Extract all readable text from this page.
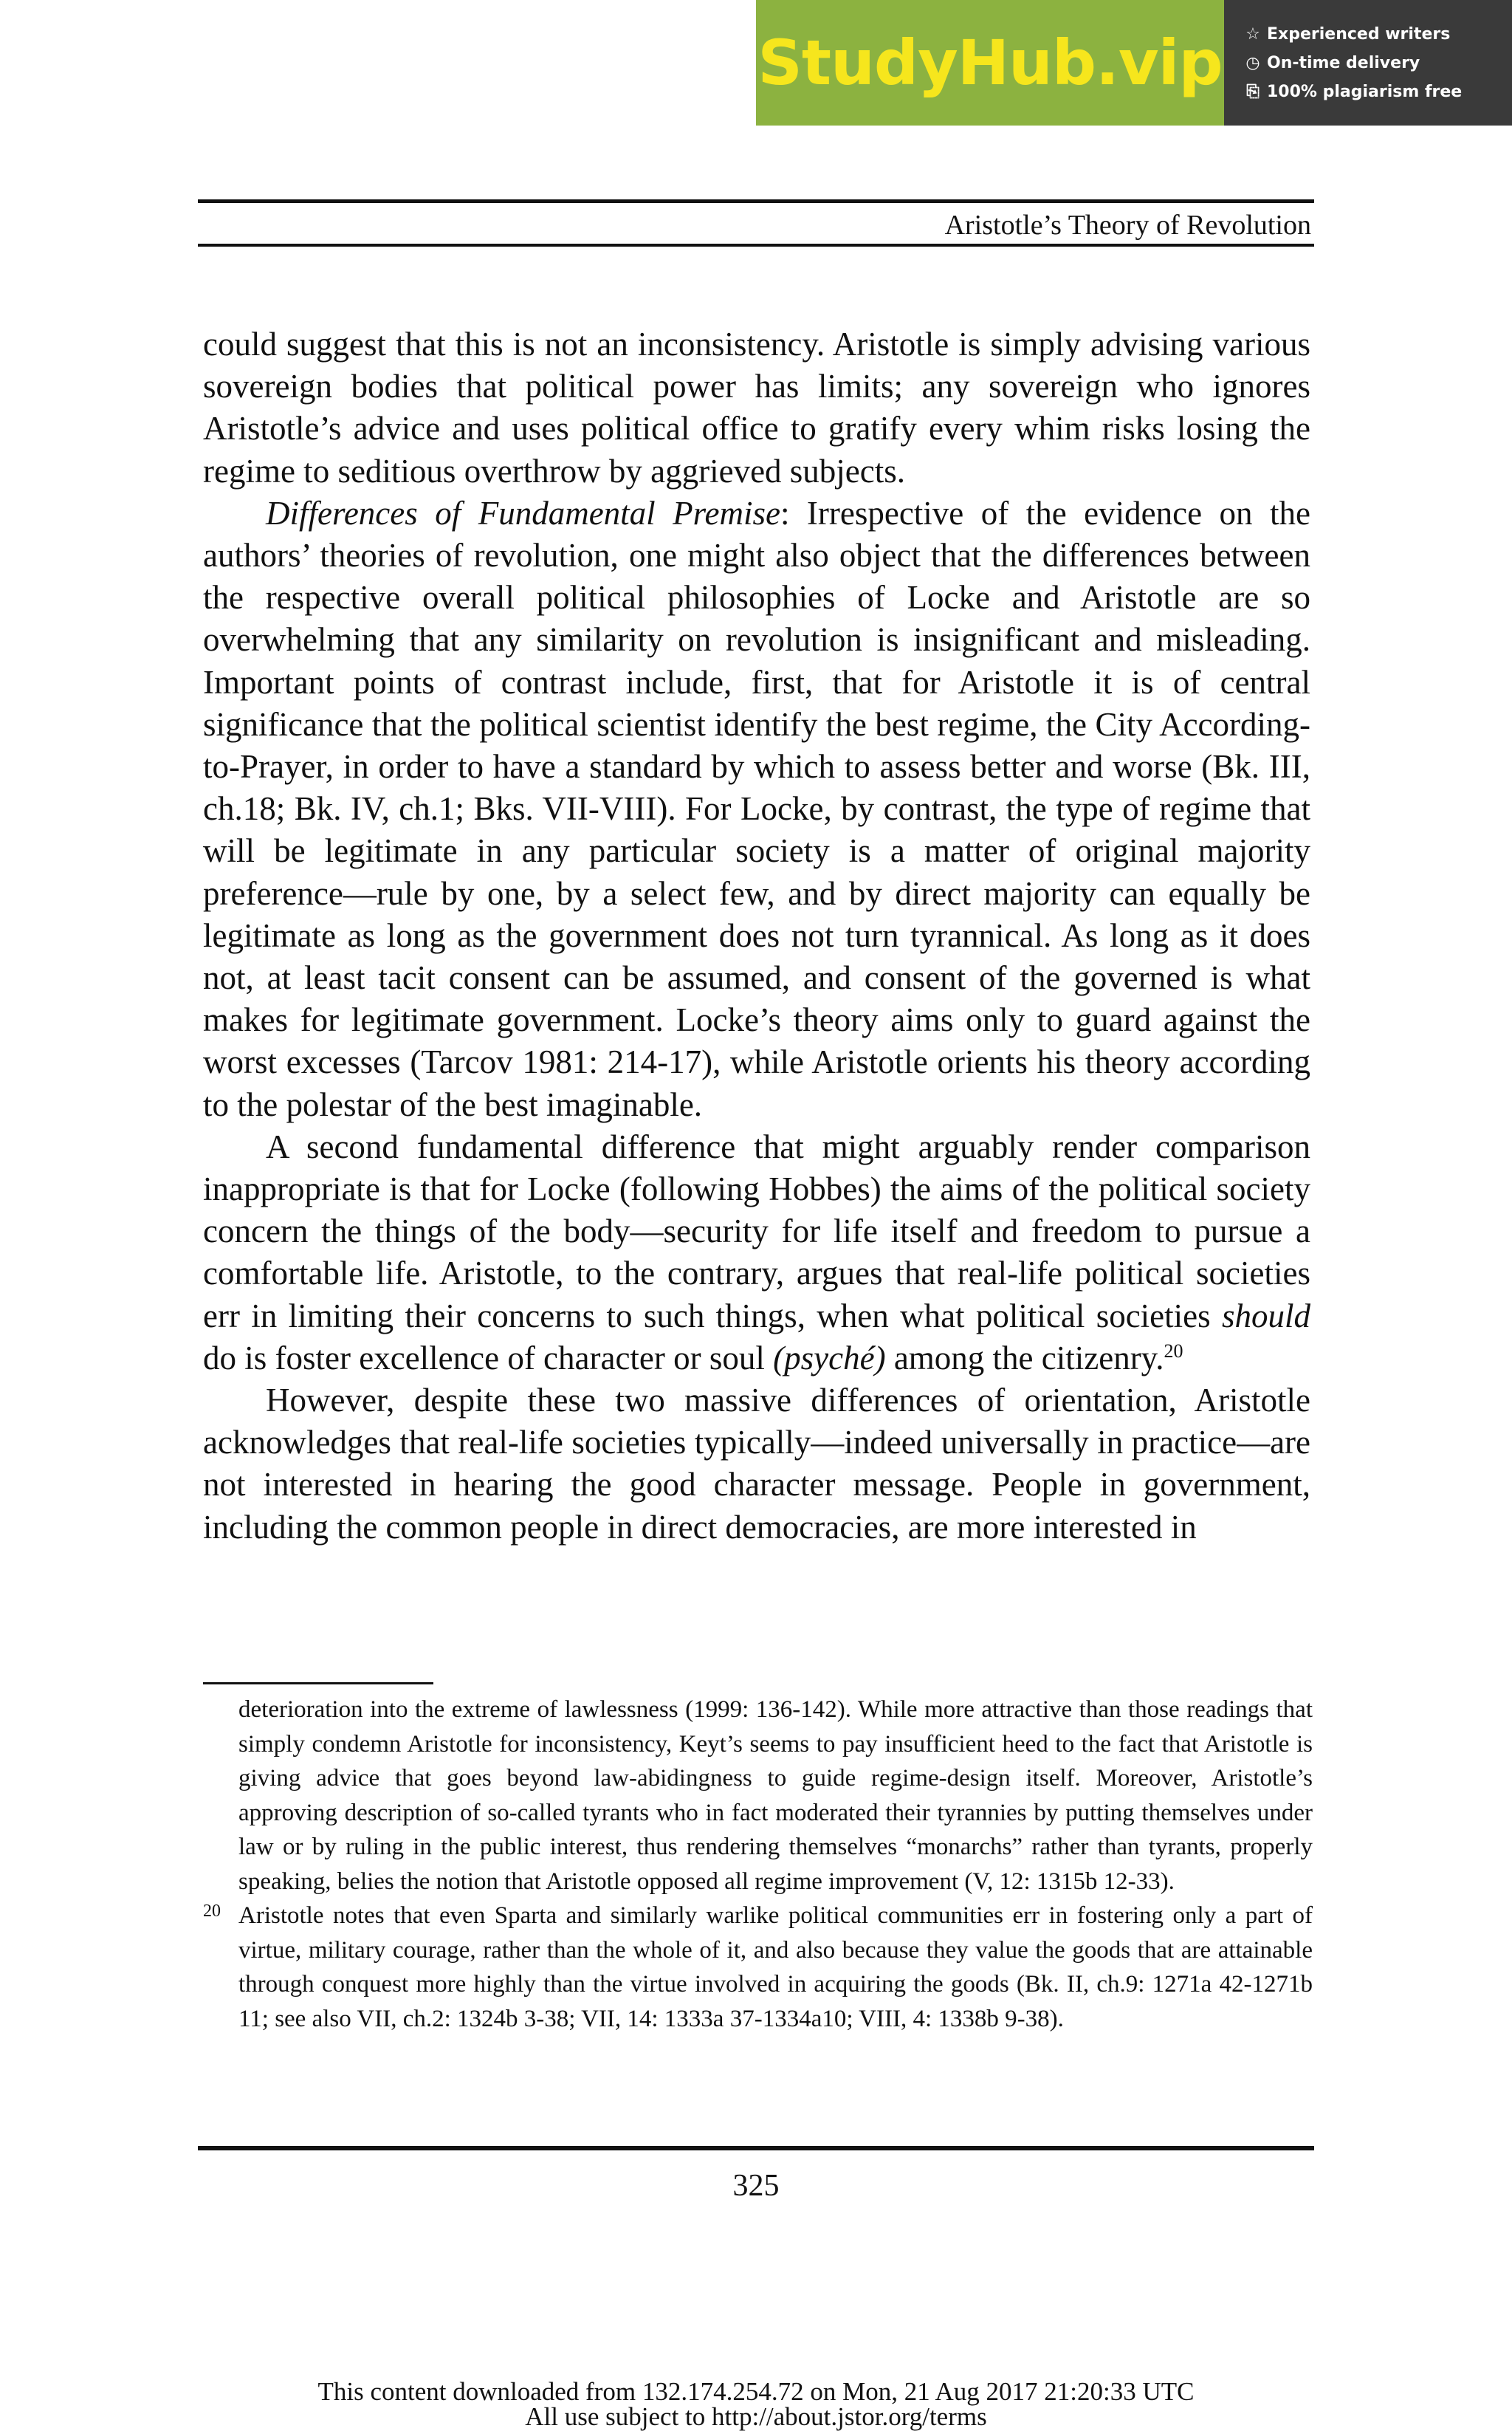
StudyHub.vip ☆ Experienced writers
◷ On-time delivery
⎘ 100% plagiarism free
Aristotle’s Theory of Revolution

could suggest that this is not an inconsistency. Aristotle is simply advising various sovereign bodies that political power has limits; any sovereign who ignores Aristotle’s advice and uses political office to gratify every whim risks losing the regime to seditious overthrow by aggrieved subjects.

Differences of Fundamental Premise: Irrespective of the evidence on the authors’ theories of revolution, one might also object that the differences between the respective overall political philosophies of Locke and Aristotle are so overwhelming that any similarity on revolution is insignificant and misleading. Important points of contrast include, first, that for Aristotle it is of central significance that the political scientist identify the best regime, the City According-to-Prayer, in order to have a standard by which to assess better and worse (Bk. III, ch.18; Bk. IV, ch.1; Bks. VII-VIII). For Locke, by contrast, the type of regime that will be legitimate in any particular society is a matter of original majority preference—rule by one, by a select few, and by direct majority can equally be legitimate as long as the government does not turn tyrannical. As long as it does not, at least tacit consent can be assumed, and consent of the governed is what makes for legitimate government. Locke’s theory aims only to guard against the worst excesses (Tarcov 1981: 214-17), while Aristotle orients his theory according to the polestar of the best imaginable.

A second fundamental difference that might arguably render comparison inappropriate is that for Locke (following Hobbes) the aims of the political society concern the things of the body—security for life itself and freedom to pursue a comfortable life. Aristotle, to the contrary, argues that real-life political societies err in limiting their concerns to such things, when what political societies should do is foster excellence of character or soul (psyché) among the citizenry.$^{20}$

However, despite these two massive differences of orientation, Aristotle acknowledges that real-life societies typically—indeed universally in practice—are not interested in hearing the good character message. People in government, including the common people in direct democracies, are more interested in

deterioration into the extreme of lawlessness (1999: 136-142). While more attractive than those readings that simply condemn Aristotle for inconsistency, Keyt’s seems to pay insufficient heed to the fact that Aristotle is giving advice that goes beyond law-abidingness to guide regime-design itself. Moreover, Aristotle’s approving description of so-called tyrants who in fact moderated their tyrannies by putting themselves under law or by ruling in the public interest, thus rendering themselves “monarchs” rather than tyrants, properly speaking, belies the notion that Aristotle opposed all regime improvement (V, 12: 1315b 12-33).
20 Aristotle notes that even Sparta and similarly warlike political communities err in fostering only a part of virtue, military courage, rather than the whole of it, and also because they value the goods that are attainable through conquest more highly than the virtue involved in acquiring the goods (Bk. II, ch.9: 1271a 42-1271b 11; see also VII, ch.2: 1324b 3-38; VII, 14: 1333a 37-1334a10; VIII, 4: 1338b 9-38).
325
This content downloaded from 132.174.254.72 on Mon, 21 Aug 2017 21:20:33 UTC
All use subject to http://about.jstor.org/terms
